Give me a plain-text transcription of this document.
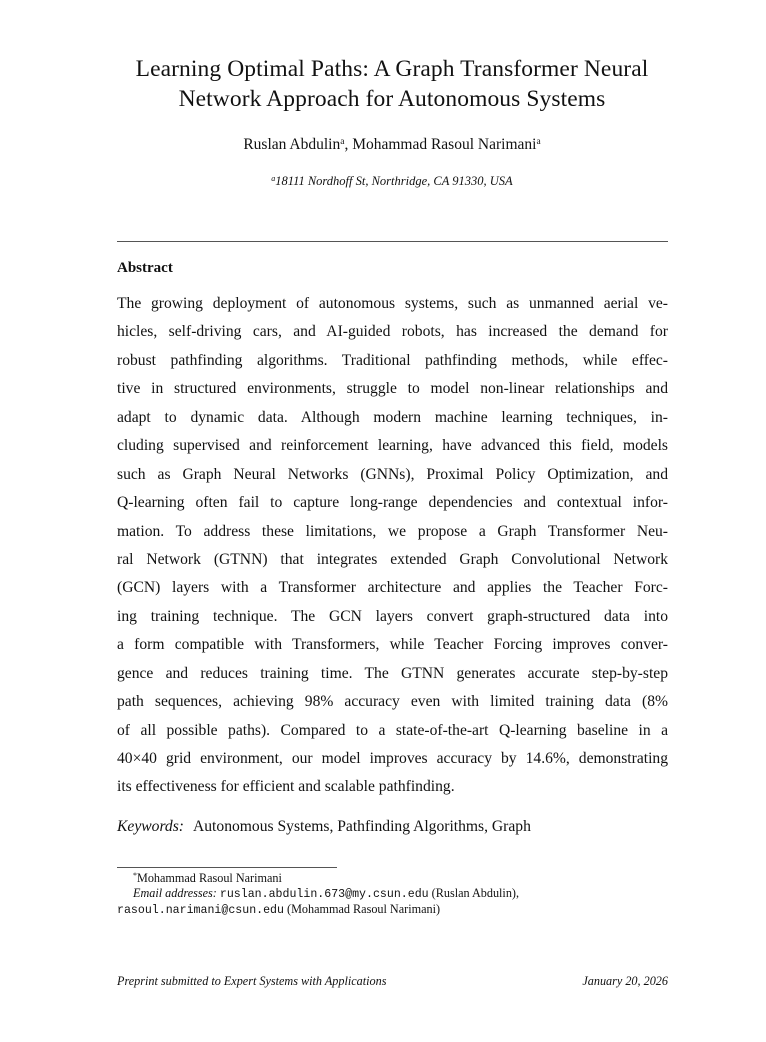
Learning Optimal Paths: A Graph Transformer Neural
Network Approach for Autonomous Systems
Ruslan Abdulin$^a$, Mohammad Rasoul Narimani$^a$
$^a$18111 Nordhoff St, Northridge, CA 91330, USA
Abstract
The growing deployment of autonomous systems, such as unmanned aerial ve-
hicles, self-driving cars, and AI-guided robots, has increased the demand for
robust pathfinding algorithms. Traditional pathfinding methods, while effec-
tive in structured environments, struggle to model non-linear relationships and
adapt to dynamic data. Although modern machine learning techniques, in-
cluding supervised and reinforcement learning, have advanced this field, models
such as Graph Neural Networks (GNNs), Proximal Policy Optimization, and
Q-learning often fail to capture long-range dependencies and contextual infor-
mation. To address these limitations, we propose a Graph Transformer Neu-
ral Network (GTNN) that integrates extended Graph Convolutional Network
(GCN) layers with a Transformer architecture and applies the Teacher Forc-
ing training technique. The GCN layers convert graph-structured data into
a form compatible with Transformers, while Teacher Forcing improves conver-
gence and reduces training time. The GTNN generates accurate step-by-step
path sequences, achieving 98% accuracy even with limited training data (8%
of all possible paths). Compared to a state-of-the-art Q-learning baseline in a
40×40 grid environment, our model improves accuracy by 14.6%, demonstrating
its effectiveness for efficient and scalable pathfinding.
Keywords: Autonomous Systems, Pathfinding Algorithms, Graph
*Mohammad Rasoul Narimani
Email addresses: ruslan.abdulin.673@my.csun.edu (Ruslan Abdulin),
rasoul.narimani@csun.edu (Mohammad Rasoul Narimani)
Preprint submitted to Expert Systems with Applications	January 20, 2026
